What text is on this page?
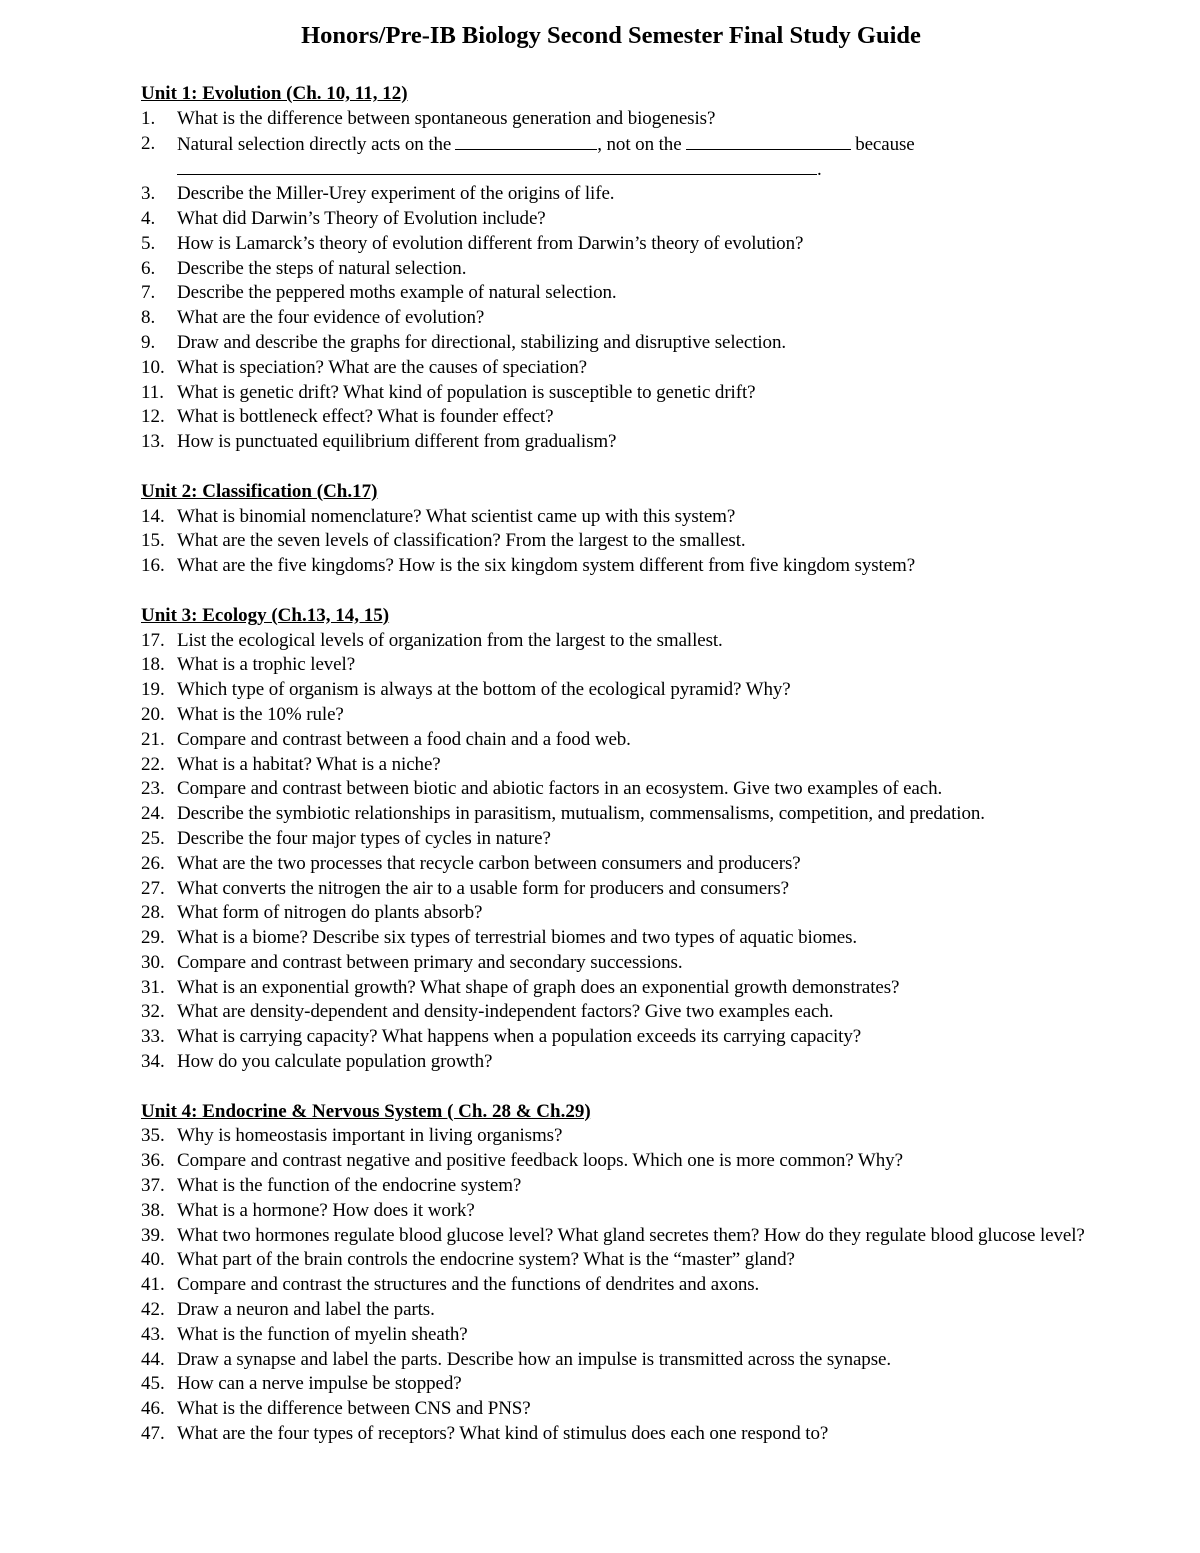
Honors/Pre-IB Biology Second Semester Final Study Guide
Unit 1: Evolution (Ch. 10, 11, 12)
1.	What is the difference between spontaneous generation and biogenesis?
2.	Natural selection directly acts on the	, not on the	because
.
3.	Describe the Miller-Urey experiment of the origins of life.
4.	What did Darwin’s Theory of Evolution include?
5.	How is Lamarck’s theory of evolution different from Darwin’s theory of evolution?
6.	Describe the steps of natural selection.
7.	Describe the peppered moths example of natural selection.
8.	What are the four evidence of evolution?
9.	Draw and describe the graphs for directional, stabilizing and disruptive selection.
10. What is speciation? What are the causes of speciation?
11. What is genetic drift? What kind of population is susceptible to genetic drift?
12. What is bottleneck effect? What is founder effect?
13. How is punctuated equilibrium different from gradualism?
Unit 2: Classification (Ch.17)
14. What is binomial nomenclature? What scientist came up with this system?
15. What are the seven levels of classification? From the largest to the smallest.
16. What are the five kingdoms? How is the six kingdom system different from five kingdom system?
Unit 3: Ecology (Ch.13, 14, 15)
17. List the ecological levels of organization from the largest to the smallest.
18. What is a trophic level?
19. Which type of organism is always at the bottom of the ecological pyramid? Why?
20. What is the 10% rule?
21. Compare and contrast between a food chain and a food web.
22. What is a habitat? What is a niche?
23. Compare and contrast between biotic and abiotic factors in an ecosystem. Give two examples of each.
24. Describe the symbiotic relationships in parasitism, mutualism, commensalisms, competition, and predation.
25. Describe the four major types of cycles in nature?
26. What are the two processes that recycle carbon between consumers and producers?
27. What converts the nitrogen the air to a usable form for producers and consumers?
28. What form of nitrogen do plants absorb?
29. What is a biome? Describe six types of terrestrial biomes and two types of aquatic biomes.
30. Compare and contrast between primary and secondary successions.
31. What is an exponential growth? What shape of graph does an exponential growth demonstrates?
32. What are density-dependent and density-independent factors? Give two examples each.
33. What is carrying capacity? What happens when a population exceeds its carrying capacity?
34. How do you calculate population growth?
Unit 4: Endocrine & Nervous System ( Ch. 28 & Ch.29)
35. Why is homeostasis important in living organisms?
36. Compare and contrast negative and positive feedback loops. Which one is more common? Why?
37. What is the function of the endocrine system?
38. What is a hormone? How does it work?
39. What two hormones regulate blood glucose level? What gland secretes them? How do they regulate blood glucose level?
40. What part of the brain controls the endocrine system? What is the “master” gland?
41. Compare and contrast the structures and the functions of dendrites and axons.
42. Draw a neuron and label the parts.
43. What is the function of myelin sheath?
44. Draw a synapse and label the parts. Describe how an impulse is transmitted across the synapse.
45. How can a nerve impulse be stopped?
46. What is the difference between CNS and PNS?
47. What are the four types of receptors? What kind of stimulus does each one respond to?
